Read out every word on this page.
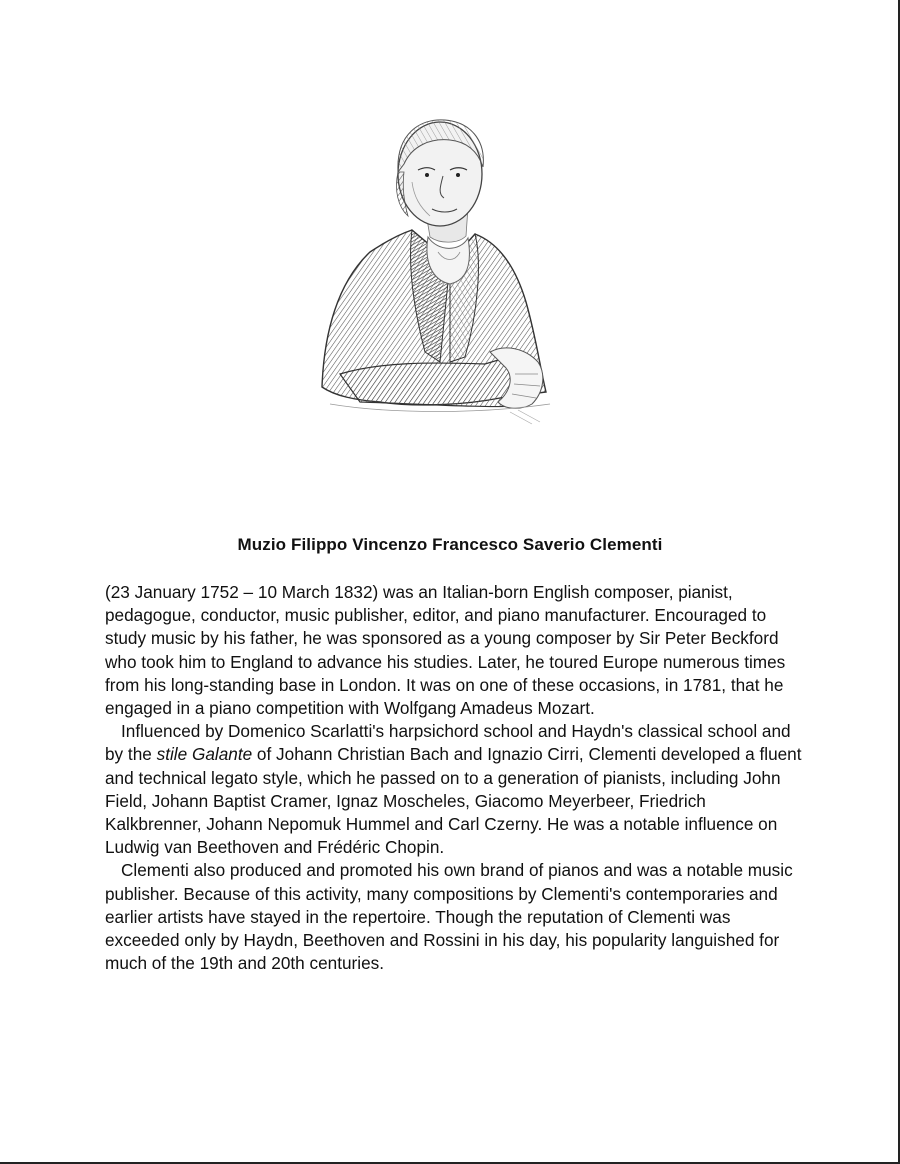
Muzio Filippo Vincenzo Francesco Saverio Clementi

(23 January 1752 – 10 March 1832) was an Italian-born English composer, pianist, pedagogue, conductor, music publisher, editor, and piano manufacturer. Encouraged to study music by his father, he was sponsored as a young composer by Sir Peter Beckford who took him to England to advance his studies. Later, he toured Europe numerous times from his long-standing base in London. It was on one of these occasions, in 1781, that he engaged in a piano competition with Wolfgang Amadeus Mozart.

Influenced by Domenico Scarlatti's harpsichord school and Haydn's classical school and by the stile Galante of Johann Christian Bach and Ignazio Cirri, Clementi developed a fluent and technical legato style, which he passed on to a generation of pianists, including John Field, Johann Baptist Cramer, Ignaz Moscheles, Giacomo Meyerbeer, Friedrich Kalkbrenner, Johann Nepomuk Hummel and Carl Czerny. He was a notable influence on Ludwig van Beethoven and Frédéric Chopin.

Clementi also produced and promoted his own brand of pianos and was a notable music publisher. Because of this activity, many compositions by Clementi's contemporaries and earlier artists have stayed in the repertoire. Though the reputation of Clementi was exceeded only by Haydn, Beethoven and Rossini in his day, his popularity languished for much of the 19th and 20th centuries.
